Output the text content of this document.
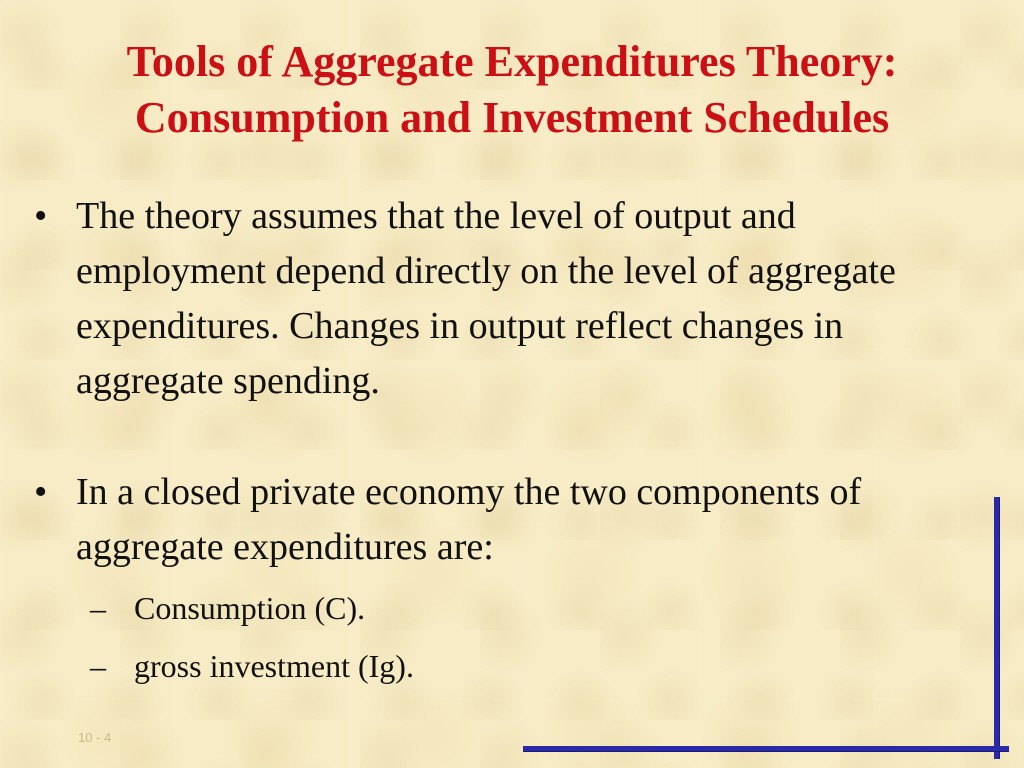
Tools of Aggregate Expenditures Theory:
Consumption and Investment Schedules
• The theory assumes that the level of output and employment depend directly on the level of aggregate expenditures. Changes in output reflect changes in aggregate spending.
• In a closed private economy the two components of aggregate expenditures are:
– Consumption (C).
– gross investment (Ig).
10 - 4
